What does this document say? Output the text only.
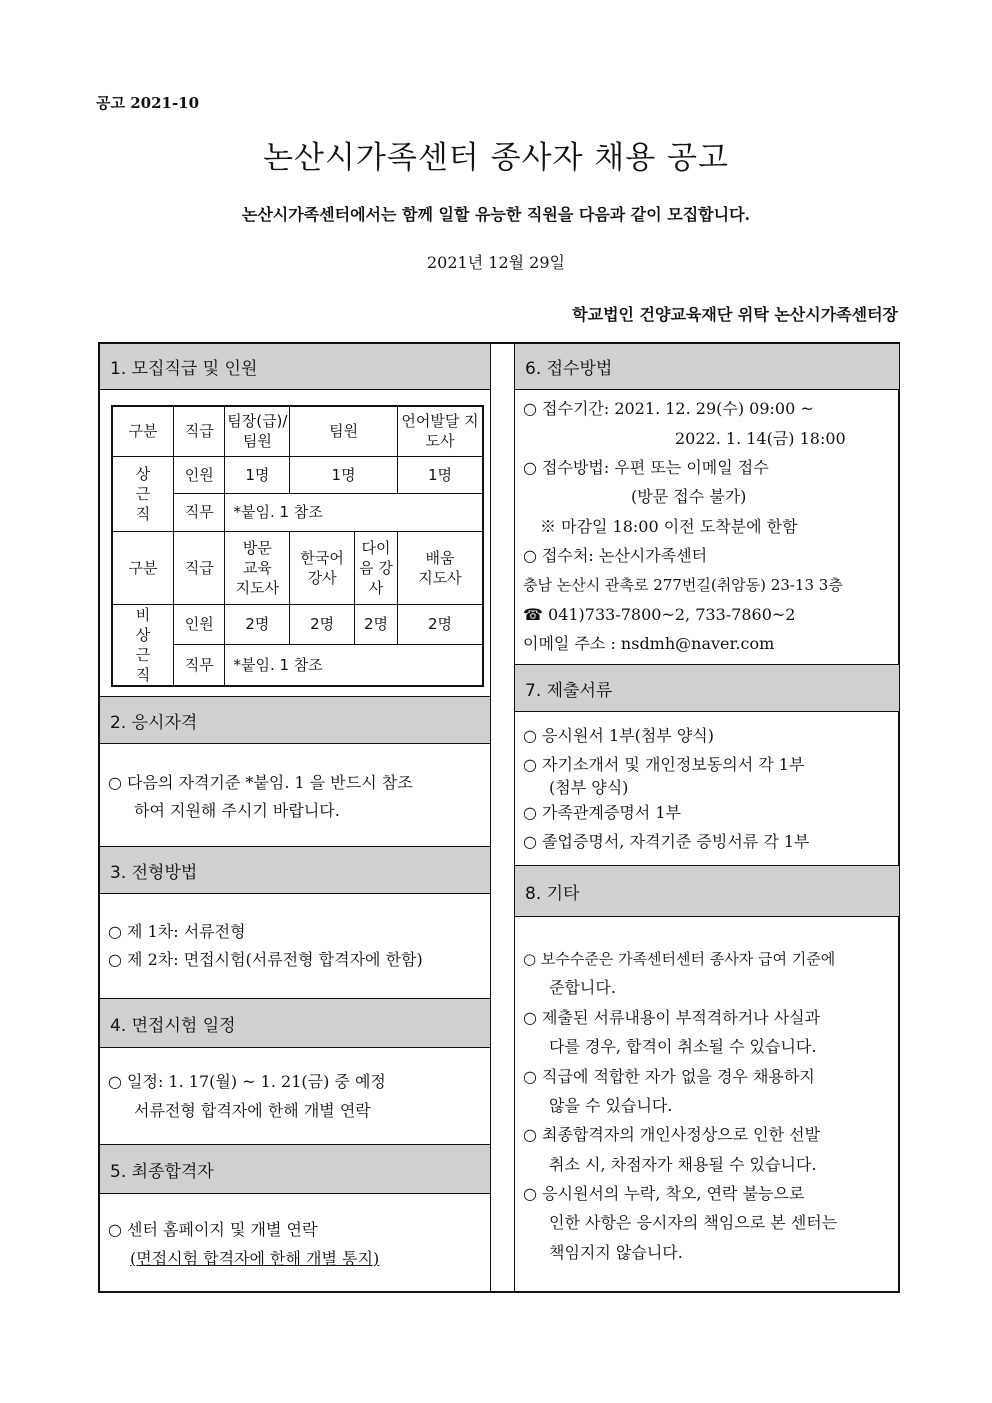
공고 2021-10
논산시가족센터 종사자 채용 공고
논산시가족센터에서는 함께 일할 유능한 직원을 다음과 같이 모집합니다.
2021년 12월 29일
학교법인 건양교육재단 위탁 논산시가족센터장
1. 모집직급 및 인원
구분	직급	팀장(급)/ 팀원	팀원		언어발달 지도사

상근직	인원	1명	1명		1명
	직무	*붙임. 1 참조			
구분	직급	방문 교육 지도사	한국어 강사	다이음 강사	배움 지도사

비상근직	인원	2명	2명	2명	2명
	직무	*붙임. 1 참조			
2. 응시자격
○ 다음의 자격기준 *붙임. 1 을 반드시 참조
하여 지원해 주시기 바랍니다.
3. 전형방법
○ 제 1차: 서류전형
○ 제 2차: 면접시험(서류전형 합격자에 한함)
4. 면접시험 일정
○ 일정: 1. 17(월) ~ 1. 21(금) 중 예정
서류전형 합격자에 한해 개별 연락
5. 최종합격자
○ 센터 홈페이지 및 개별 연락
(면접시험 합격자에 한해 개별 통지)
6. 접수방법
○ 접수기간: 2021. 12. 29(수) 09:00 ~
2022. 1. 14(금) 18:00
○ 접수방법: 우편 또는 이메일 접수
(방문 접수 불가)
※ 마감일 18:00 이전 도착분에 한함
○ 접수처: 논산시가족센터
충남 논산시 관촉로 277번길(취암동) 23-13 3층
☎ 041)733-7800~2, 733-7860~2
이메일 주소 : nsdmh@naver.com
7. 제출서류
○ 응시원서 1부(첨부 양식)
○ 자기소개서 및 개인정보동의서 각 1부
(첨부 양식)
○ 가족관계증명서 1부
○ 졸업증명서, 자격기준 증빙서류 각 1부
8. 기타
○ 보수수준은 가족센터센터 종사자 급여 기준에
준합니다.
○ 제출된 서류내용이 부적격하거나 사실과
다를 경우, 합격이 취소될 수 있습니다.
○ 직급에 적합한 자가 없을 경우 채용하지
않을 수 있습니다.
○ 최종합격자의 개인사정상으로 인한 선발
취소 시, 차점자가 채용될 수 있습니다.
○ 응시원서의 누락, 착오, 연락 불능으로
인한 사항은 응시자의 책임으로 본 센터는
책임지지 않습니다.
